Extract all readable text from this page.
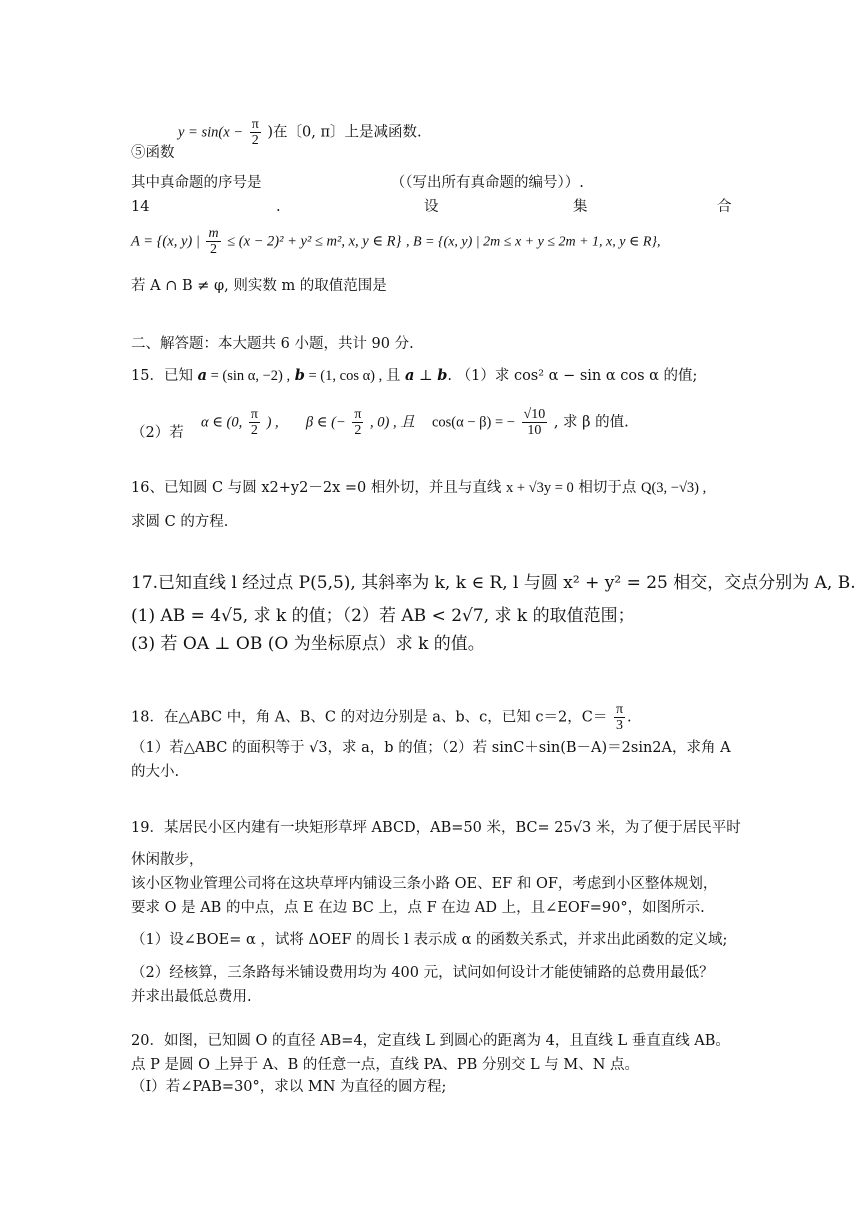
$y = \sin(x - \frac{\pi}{2}$ )在〔0, π〕上是减函数.
⑤函数
其中真命题的序号是	（（写出所有真命题的编号））.
14	.	设	集	合
A = {(x, y) | $\frac{m}{2} \le (x - 2)^2 + y^2 \le m^2$, x, y ∈ R} , B = {(x, y) | 2m ≤ x + y ≤ 2m + 1, x, y ∈ R},
若 A ∩ B ≠ φ, 则实数 m 的取值范围是
二、解答题：本大题共 6 小题，共计 90 分.
15．已知 a = (sin α, −2) , b = (1, cos α) , 且 a ⊥ b. （1）求 cos² α − sin α cos α 的值;
（2）若  α ∈ (0, $\frac{\pi}{2}$ ) , β ∈ (− $\frac{\pi}{2}$ , 0) , 且 cos(α − β) = − $\frac{√10}{10}$ , 求 β 的值.
16、已知圆 C 与圆 x2+y2－2x =0 相外切，并且与直线 x + √3y = 0 相切于点 Q(3, −√3) ,
求圆 C 的方程.
17.已知直线 l 经过点 P(5,5), 其斜率为 k, k ∈ R, l 与圆 x² + y² = 25 相交，交点分别为 A, B.
(1) AB = 4√5, 求 k 的值；（2）若 AB < 2√7, 求 k 的取值范围；
(3) 若 OA ⊥ OB (O 为坐标原点）求 k 的值。
18．在△ABC 中，角 A、B、C 的对边分别是 a、b、c，已知 c＝2，$C= \frac{\pi}{3}$ .
（1）若△ABC 的面积等于 √3，求 a，b 的值；（2）若 sinC＋sin(B－A)＝2sin2A，求角 A
的大小.
19．某居民小区内建有一块矩形草坪 ABCD，AB=50 米，BC= 25√3 米，为了便于居民平时
休闲散步，
该小区物业管理公司将在这块草坪内铺设三条小路 OE、EF 和 OF，考虑到小区整体规划，
要求 O 是 AB 的中点，点 E 在边 BC 上，点 F 在边 AD 上，且∠EOF=90°，如图所示.
（1）设∠BOE= α ，试将 ΔOEF 的周长 l 表示成 α 的函数关系式，并求出此函数的定义域;
（2）经核算，三条路每米铺设费用均为 400 元，试问如何设计才能使铺路的总费用最低？
并求出最低总费用.
20．如图，已知圆 O 的直径 AB=4，定直线 L 到圆心的距离为 4，且直线 L 垂直直线 AB。
点 P 是圆 O 上异于 A、B 的任意一点，直线 PA、PB 分别交 L 与 M、N 点。
（Ⅰ）若∠PAB=30°，求以 MN 为直径的圆方程;
